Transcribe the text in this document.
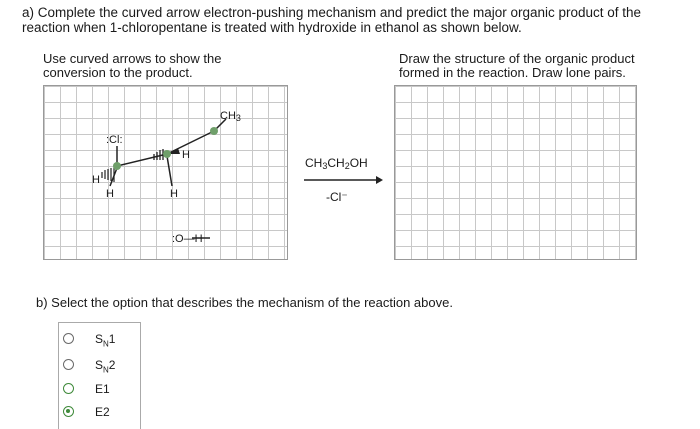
a) Complete the curved arrow electron-pushing mechanism and predict the major organic product of the reaction when 1-chloropentane is treated with hydroxide in ethanol as shown below.
Use curved arrows to show the
conversion to the product.
Draw the structure of the organic product
formed in the reaction. Draw lone pairs.
:Cl:
CH3
H
H
H
H
:O—H
CH3CH2OH
-Cl⁻
b) Select the option that describes the mechanism of the reaction above.
$S_N1$
$S_N2$
E1
E2
